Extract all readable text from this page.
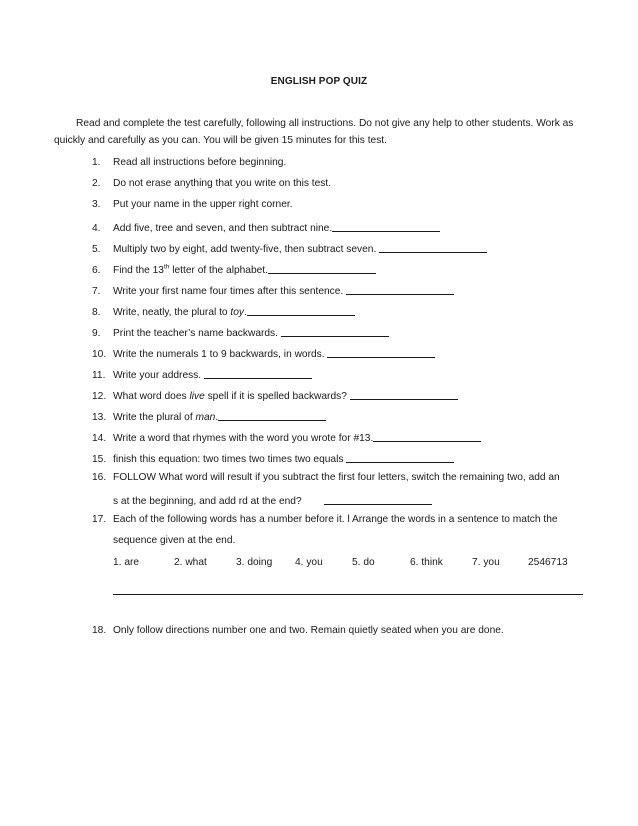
ENGLISH POP QUIZ

Read and complete the test carefully, following all instructions. Do not give any help to other students. Work as quickly and carefully as you can. You will be given 15 minutes for this test.

1. Read all instructions before beginning.
2. Do not erase anything that you write on this test.
3. Put your name in the upper right corner.
4. Add five, tree and seven, and then subtract nine.
5. Multiply two by eight, add twenty-five, then subtract seven.
6. Find the 13th letter of the alphabet.
7. Write your first name four times after this sentence.
8. Write, neatly, the plural to toy.
9. Print the teacher’s name backwards.
10. Write the numerals 1 to 9 backwards, in words.
11. Write your address.
12. What word does live spell if it is spelled backwards?
13. Write the plural of man.
14. Write a word that rhymes with the word you wrote for #13.
15. finish this equation: two times two times two equals
16. FOLLOW What word will result if you subtract the first four letters, switch the remaining two, add an
s at the beginning, and add rd at the end?
17. Each of the following words has a number before it. l Arrange the words in a sentence to match the
sequence given at the end.
1. are	2. what	3. doing 4. you	5. do	6. think	7. you	2546713
18. Only follow directions number one and two. Remain quietly seated when you are done.
